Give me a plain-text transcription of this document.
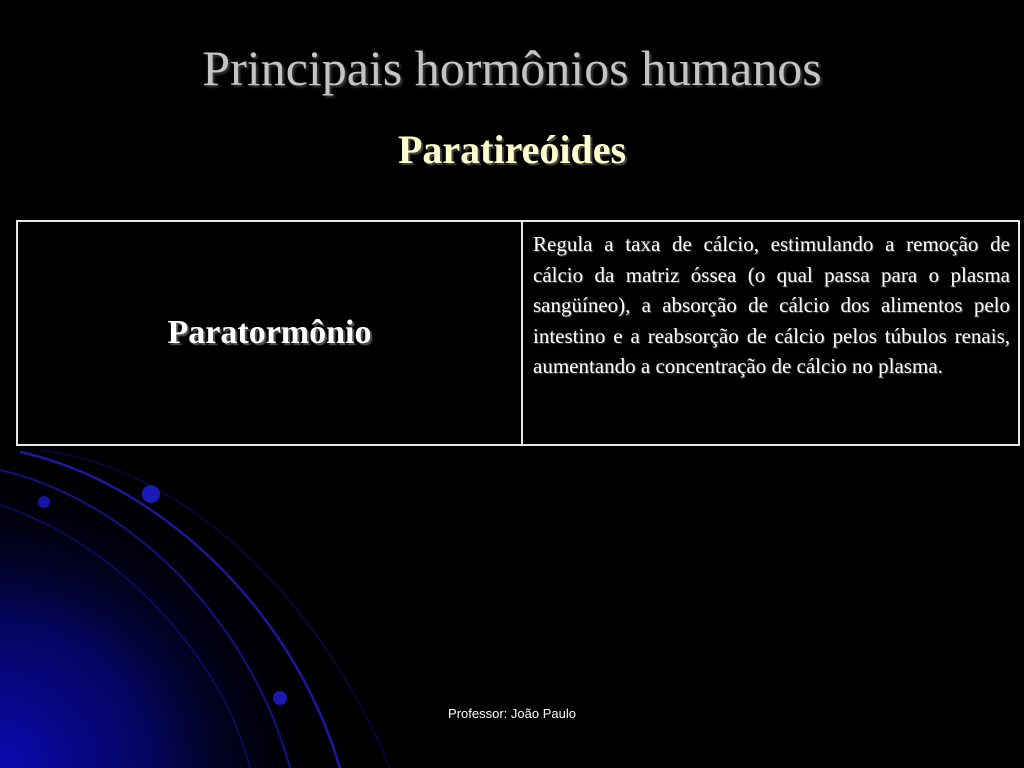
Principais hormônios humanos
Paratireóides
Paratormônio

Regula a taxa de cálcio, estimulando a remoção de cálcio da matriz óssea (o qual passa para o plasma sangüíneo), a absorção de cálcio dos alimentos pelo intestino e a reabsorção de cálcio pelos túbulos renais, aumentando a concentração de cálcio no plasma.

Professor: João Paulo
